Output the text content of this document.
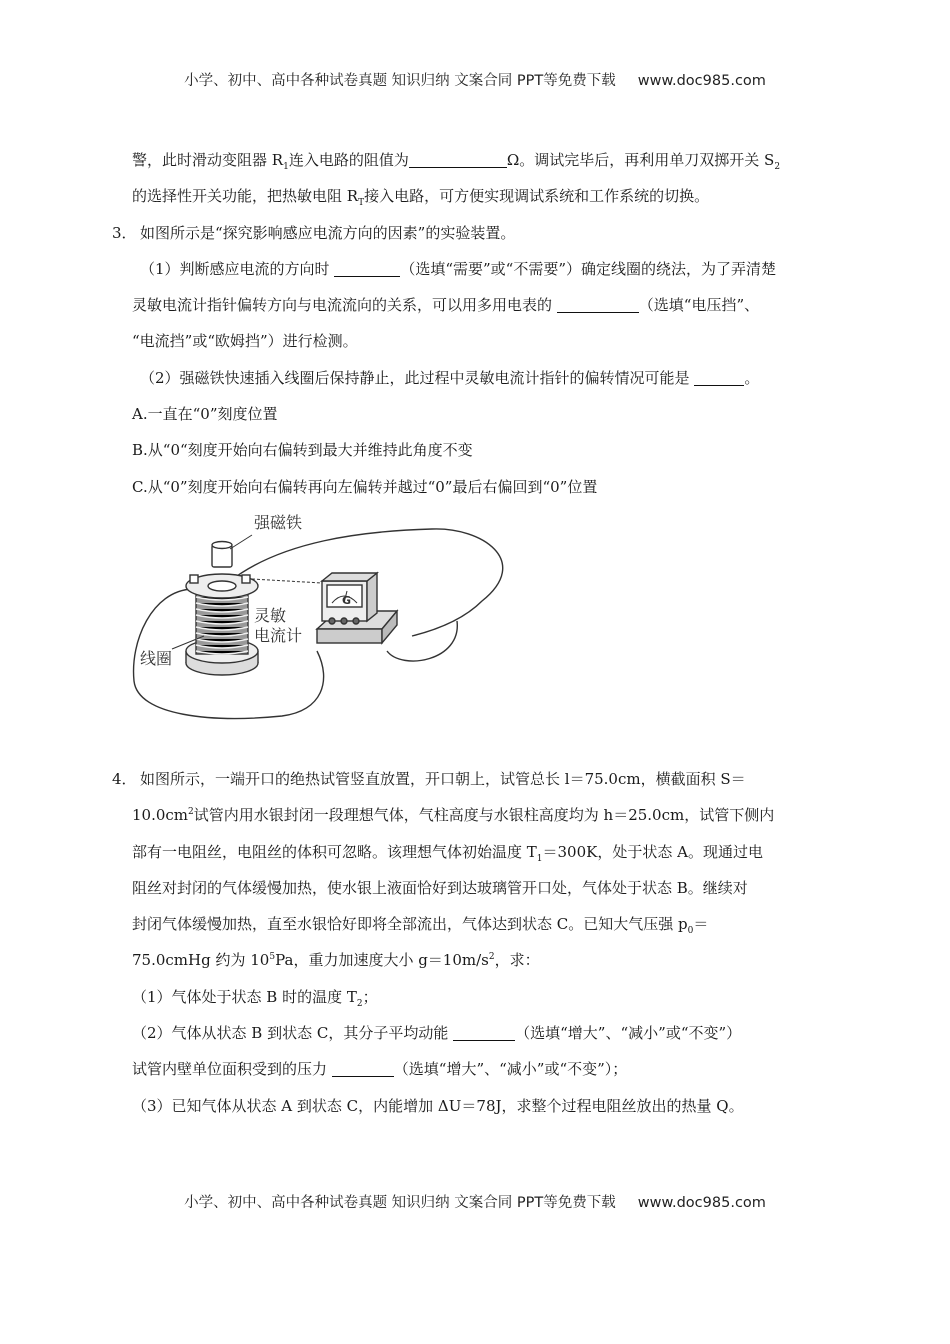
小学、初中、高中各种试卷真题 知识归纳 文案合同 PPT等免费下载 www.doc985.com

警，此时滑动变阻器 $R_1$连入电路的阻值为	Ω。调试完毕后，再利用单刀双掷开关 $S_2$

的选择性开关功能，把热敏电阻 $R_T$接入电路，可方便实现调试系统和工作系统的切换。

3． 如图所示是“探究影响感应电流方向的因素”的实验装置。

（1）判断感应电流的方向时	（选填“需要”或“不需要”）确定线圈的绕法，为了弄清楚

灵敏电流计指针偏转方向与电流流向的关系，可以用多用电表的	（选填“电压挡”、

“电流挡”或“欧姆挡”）进行检测。

（2）强磁铁快速插入线圈后保持静止，此过程中灵敏电流计指针的偏转情况可能是	。

A.一直在“0”刻度位置

B.从“0“刻度开始向右偏转到最大并维持此角度不变

C.从“0”刻度开始向右偏转再向左偏转并越过“0”最后右偏回到“0”位置

强磁铁
G
灵敏
电流计
线圈

4． 如图所示，一端开口的绝热试管竖直放置，开口朝上，试管总长 l＝75.0cm，横截面积 S＝

$10.0cm^2$试管内用水银封闭一段理想气体，气柱高度与水银柱高度均为 h＝25.0cm，试管下侧内

部有一电阻丝，电阻丝的体积可忽略。该理想气体初始温度 $T_1=300K$，处于状态 A。现通过电

阻丝对封闭的气体缓慢加热，使水银上液面恰好到达玻璃管开口处，气体处于状态 B。继续对

封闭气体缓慢加热，直至水银恰好即将全部流出，气体达到状态 C。已知大气压强 $p_0=$

75.0cmHg 约为 $10^5Pa$，重力加速度大小 $g=10m/s^2$，求：

（1）气体处于状态 B 时的温度 $T_2$；

（2）气体从状态 B 到状态 C，其分子平均动能	（选填“增大”、“减小”或“不变”）

试管内壁单位面积受到的压力	（选填“增大”、“减小”或“不变”）；

（3）已知气体从状态 A 到状态 C，内能增加 ΔU＝78J，求整个过程电阻丝放出的热量 Q。

小学、初中、高中各种试卷真题 知识归纳 文案合同 PPT等免费下载 www.doc985.com
